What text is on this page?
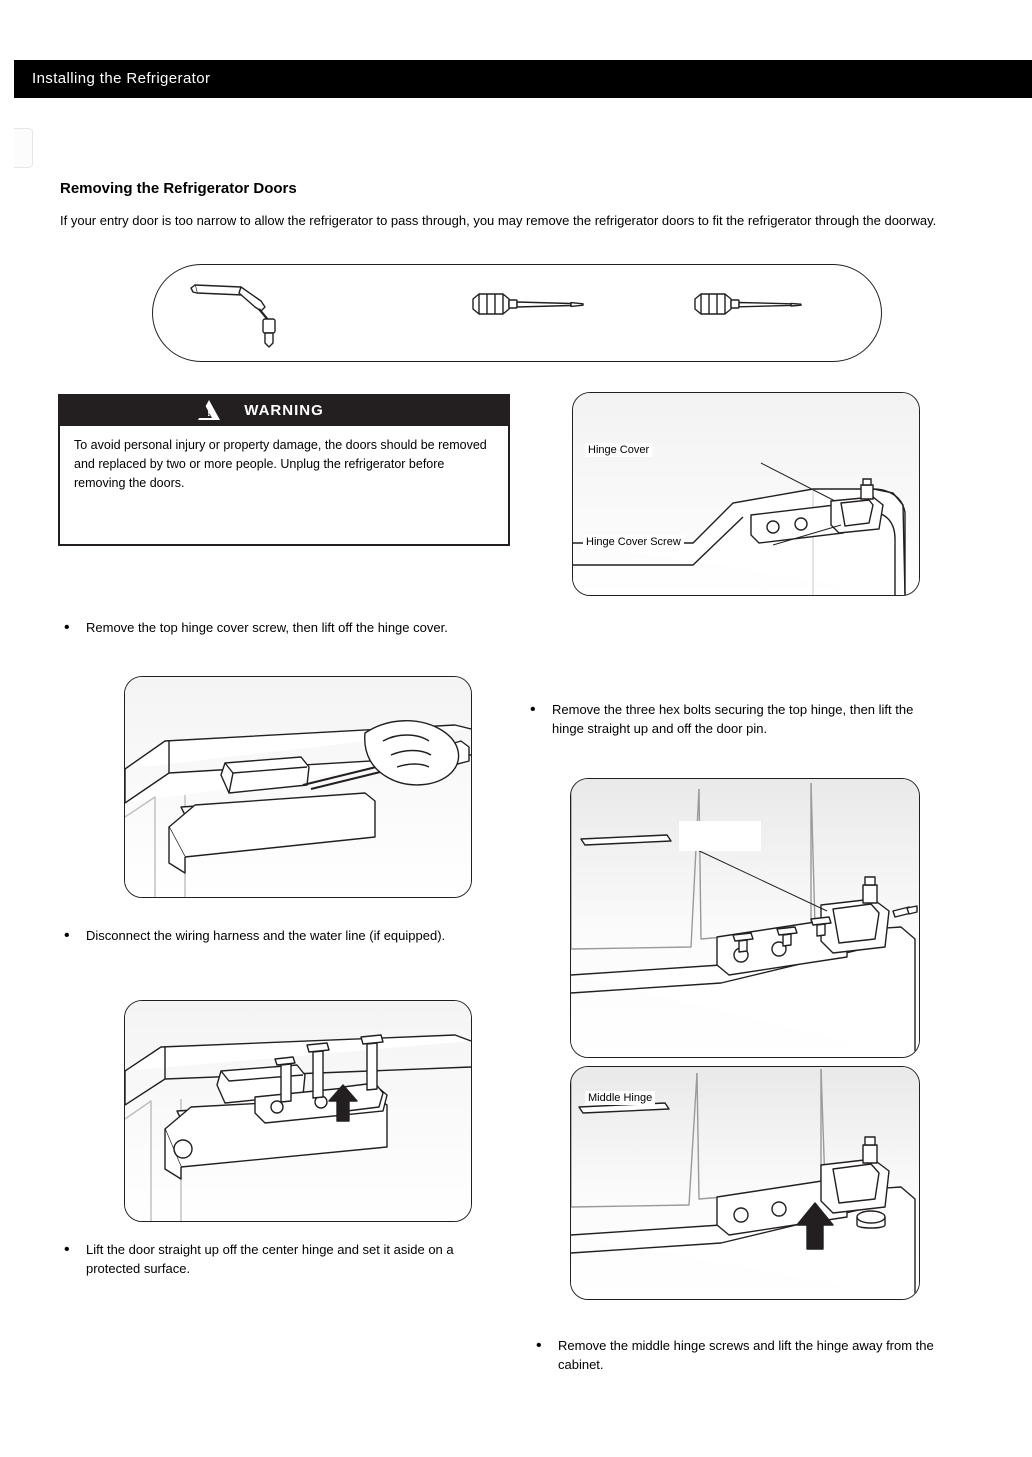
Installing the Refrigerator
Removing the Refrigerator Doors
If your entry door is too narrow to allow the refrigerator to pass through, you may remove the refrigerator doors to fit the refrigerator through the doorway.
!	WARNING
To avoid personal injury or property damage, the doors should be removed and replaced by two or more people. Unplug the refrigerator before removing the doors.
Hinge Cover
Hinge Cover Screw
• Remove the top hinge cover screw, then lift off the hinge cover.
• Disconnect the wiring harness and the water line (if equipped).
• Remove the three hex bolts securing the top hinge, then lift the hinge straight up and off the door pin.
Middle Hinge
• Lift the door straight up off the center hinge and set it aside on a protected surface.
• Remove the middle hinge screws and lift the hinge away from the cabinet.
